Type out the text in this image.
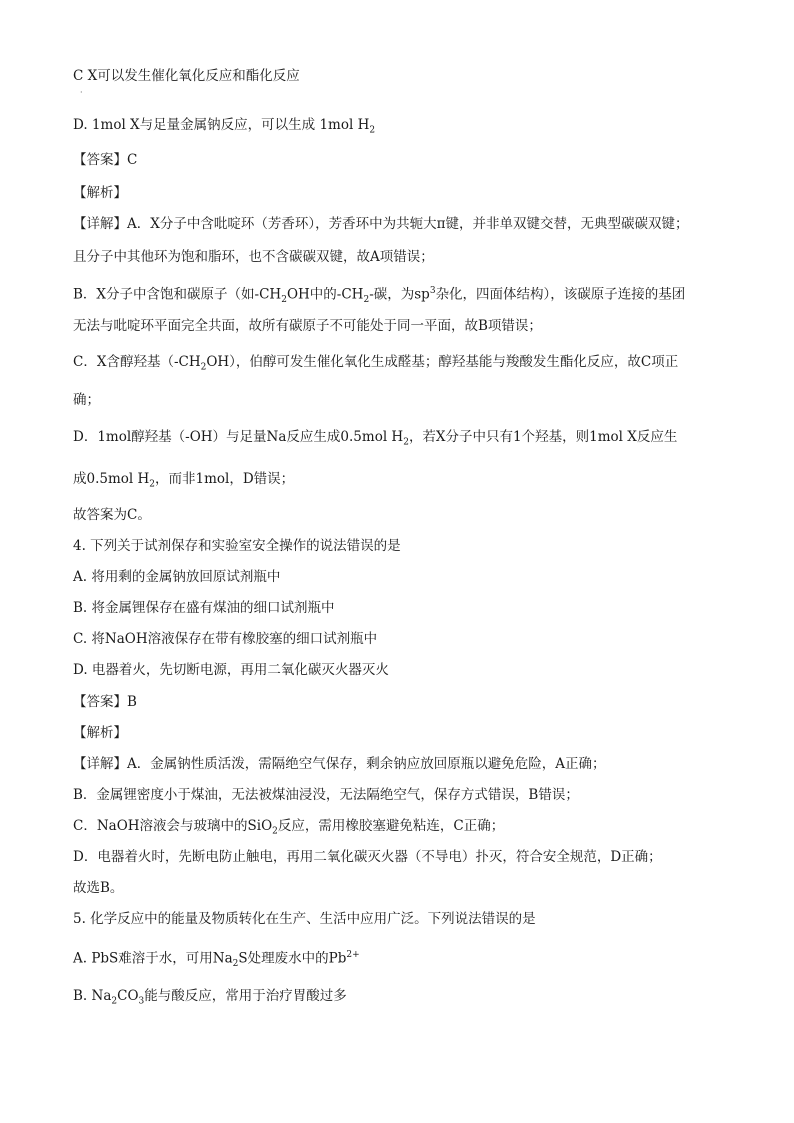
C X可以发生催化氧化反应和酯化反应
·
D. 1mol X与足量金属钠反应，可以生成 1mol $H_2$
【答案】C
【解析】
【详解】A．X分子中含吡啶环（芳香环），芳香环中为共轭大π键，并非单双键交替，无典型碳碳双键；
且分子中其他环为饱和脂环，也不含碳碳双键，故A项错误；
B．X分子中含饱和碳原子（如$-CH_2OH$中的$-CH_2-$碳，为$sp^3$杂化，四面体结构），该碳原子连接的基团
无法与吡啶环平面完全共面，故所有碳原子不可能处于同一平面，故B项错误；
C．X含醇羟基$(-CH_2OH)$，伯醇可发生催化氧化生成醛基；醇羟基能与羧酸发生酯化反应，故C项正
确；
D．1mol醇羟基（-OH）与足量Na反应生成0.5mol $H_2$，若X分子中只有1个羟基，则1mol X反应生
成0.5mol $H_2$，而非1mol，D错误；
故答案为C。
4. 下列关于试剂保存和实验室安全操作的说法错误的是
A. 将用剩的金属钠放回原试剂瓶中
B. 将金属锂保存在盛有煤油的细口试剂瓶中
C. 将NaOH溶液保存在带有橡胶塞的细口试剂瓶中
D. 电器着火，先切断电源，再用二氧化碳灭火器灭火
【答案】B
【解析】
【详解】A．金属钠性质活泼，需隔绝空气保存，剩余钠应放回原瓶以避免危险，A正确；
B．金属锂密度小于煤油，无法被煤油浸没，无法隔绝空气，保存方式错误，B错误；
C．NaOH溶液会与玻璃中的SiO$_2$反应，需用橡胶塞避免粘连，C正确；
D．电器着火时，先断电防止触电，再用二氧化碳灭火器（不导电）扑灭，符合安全规范，D正确；
故选B。
5. 化学反应中的能量及物质转化在生产、生活中应用广泛。下列说法错误的是
A. PbS难溶于水，可用$Na_2S$处理废水中的$Pb^{2+}$
B. $Na_2CO_3$能与酸反应，常用于治疗胃酸过多
